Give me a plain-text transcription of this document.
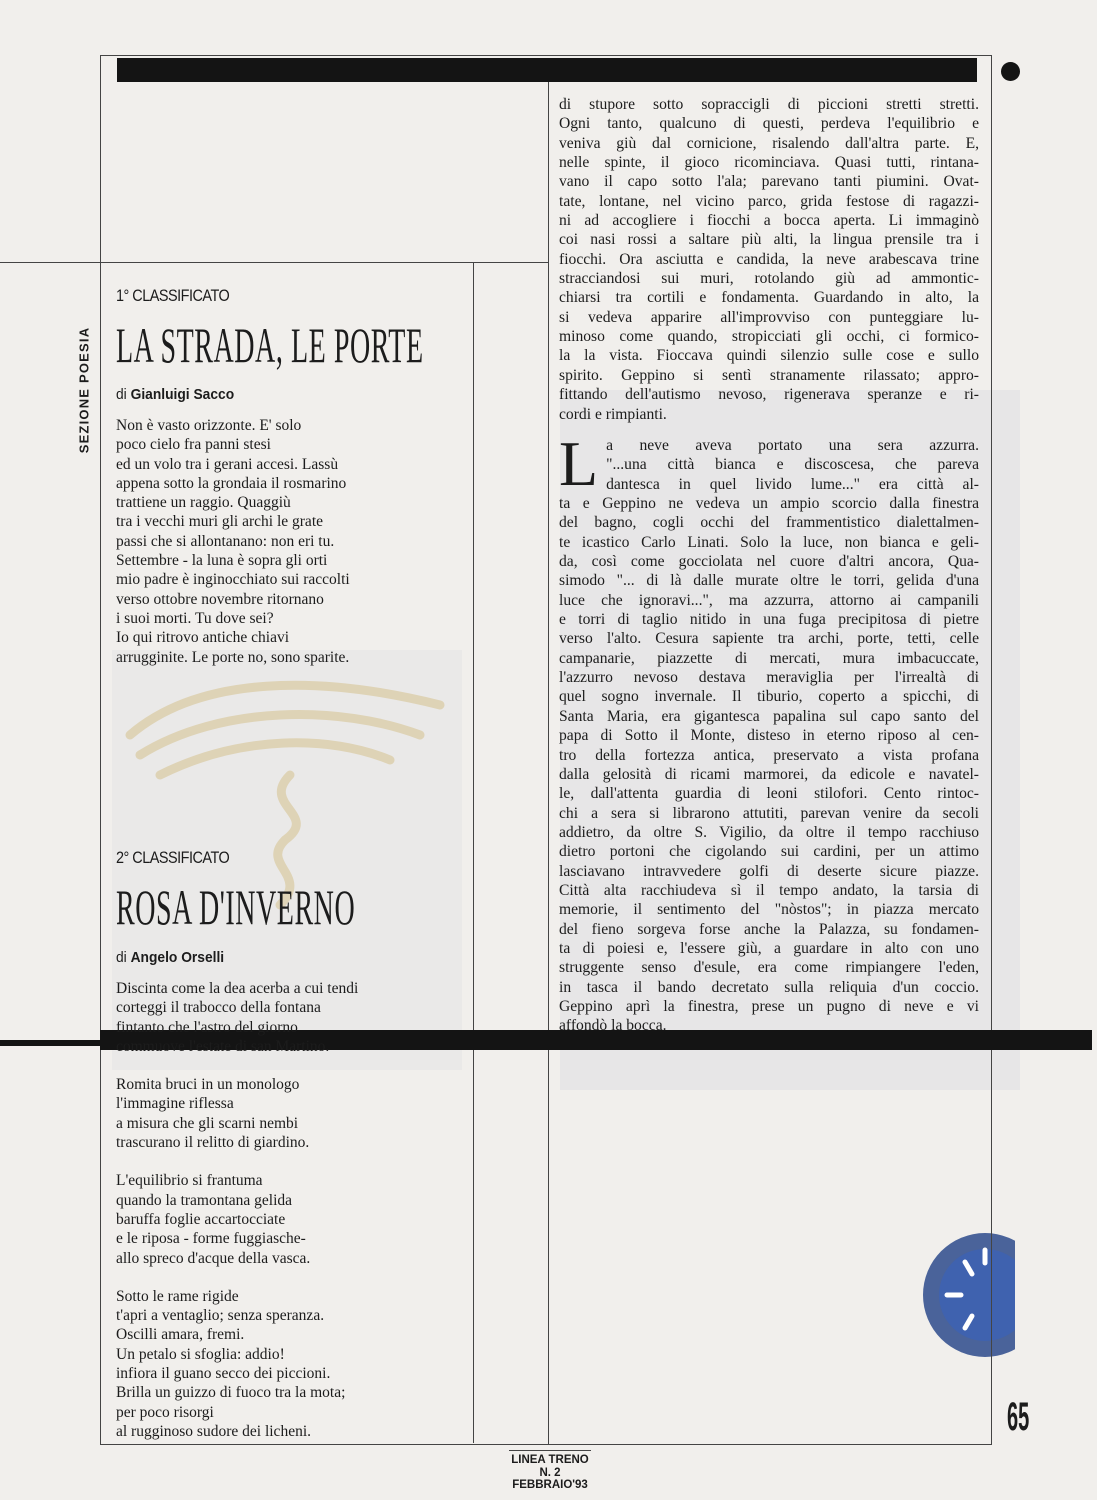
SEZIONE POESIA
1° CLASSIFICATO
LA STRADA, LE PORTE
di Gianluigi Sacco
Non è vasto orizzonte. E' solo
poco cielo fra panni stesi
ed un volo tra i gerani accesi. Lassù
appena sotto la grondaia il rosmarino
trattiene un raggio. Quaggiù
tra i vecchi muri gli archi le grate
passi che si allontanano: non eri tu.
Settembre - la luna è sopra gli orti
mio padre è inginocchiato sui raccolti
verso ottobre novembre ritornano
i suoi morti. Tu dove sei?
Io qui ritrovo antiche chiavi
arrugginite. Le porte no, sono sparite.
2° CLASSIFICATO
ROSA D'INVERNO
di Angelo Orselli
Discinta come la dea acerba a cui tendi
corteggi il trabocco della fontana
fintanto che l'astro del giorno
commuove l'estate di san Martino.
Romita bruci in un monologo
l'immagine riflessa
a misura che gli scarni nembi
trascurano il relitto di giardino.
L'equilibrio si frantuma
quando la tramontana gelida
baruffa foglie accartocciate
e le riposa - forme fuggiasche-
allo spreco d'acque della vasca.
Sotto le rame rigide
t'apri a ventaglio; senza speranza.
Oscilli amara, fremi.
Un petalo si sfoglia: addio!
infiora il guano secco dei piccioni.
Brilla un guizzo di fuoco tra la mota;
per poco risorgi
al rugginoso sudore dei licheni.
di stupore sotto sopraccigli di piccioni stretti stretti.
Ogni tanto, qualcuno di questi, perdeva l'equilibrio e
veniva giù dal cornicione, risalendo dall'altra parte. E,
nelle spinte, il gioco ricominciava. Quasi tutti, rintana-
vano il capo sotto l'ala; parevano tanti piumini. Ovat-
tate, lontane, nel vicino parco, grida festose di ragazzi-
ni ad accogliere i fiocchi a bocca aperta. Li immaginò
coi nasi rossi a saltare più alti, la lingua prensile tra i
fiocchi. Ora asciutta e candida, la neve arabescava trine
stracciandosi sui muri, rotolando giù ad ammontic-
chiarsi tra cortili e fondamenta. Guardando in alto, la
si vedeva apparire all'improvviso con punteggiare lu-
minoso come quando, stropicciati gli occhi, ci formico-
la la vista. Fioccava quindi silenzio sulle cose e sullo
spirito. Geppino si sentì stranamente rilassato; appro-
fittando dell'autismo nevoso, rigenerava speranze e ri-
cordi e rimpianti.
L a neve aveva portato una sera azzurra.
"...una città bianca e discoscesa, che pareva
dantesca in quel livido lume..." era città al-
ta e Geppino ne vedeva un ampio scorcio dalla finestra
del bagno, cogli occhi del frammentistico dialettalmen-
te icastico Carlo Linati. Solo la luce, non bianca e geli-
da, così come gocciolata nel cuore d'altri ancora, Qua-
simodo "... di là dalle murate oltre le torri, gelida d'una
luce che ignoravi...", ma azzurra, attorno ai campanili
e torri di taglio nitido in una fuga precipitosa di pietre
verso l'alto. Cesura sapiente tra archi, porte, tetti, celle
campanarie, piazzette di mercati, mura imbacuccate,
l'azzurro nevoso destava meraviglia per l'irrealtà di
quel sogno invernale. Il tiburio, coperto a spicchi, di
Santa Maria, era gigantesca papalina sul capo santo del
papa di Sotto il Monte, disteso in eterno riposo al cen-
tro della fortezza antica, preservato a vista profana
dalla gelosità di ricami marmorei, da edicole e navatel-
le, dall'attenta guardia di leoni stilofori. Cento rintoc-
chi a sera si librarono attutiti, parevan venire da secoli
addietro, da oltre S. Vigilio, da oltre il tempo racchiuso
dietro portoni che cigolando sui cardini, per un attimo
lasciavano intravvedere golfi di deserte sicure piazze.
Città alta racchiudeva sì il tempo andato, la tarsia di
memorie, il sentimento del "nòstos"; in piazza mercato
del fieno sorgeva forse anche la Palazza, su fondamen-
ta di poiesi e, l'essere giù, a guardare in alto con uno
struggente senso d'esule, era come rimpiangere l'eden,
in tasca il bando decretato sulla reliquia d'un coccio.
Geppino aprì la finestra, prese un pugno di neve e vi
affondò la bocca.
65
LINEA TRENO
N. 2
FEBBRAIO'93
